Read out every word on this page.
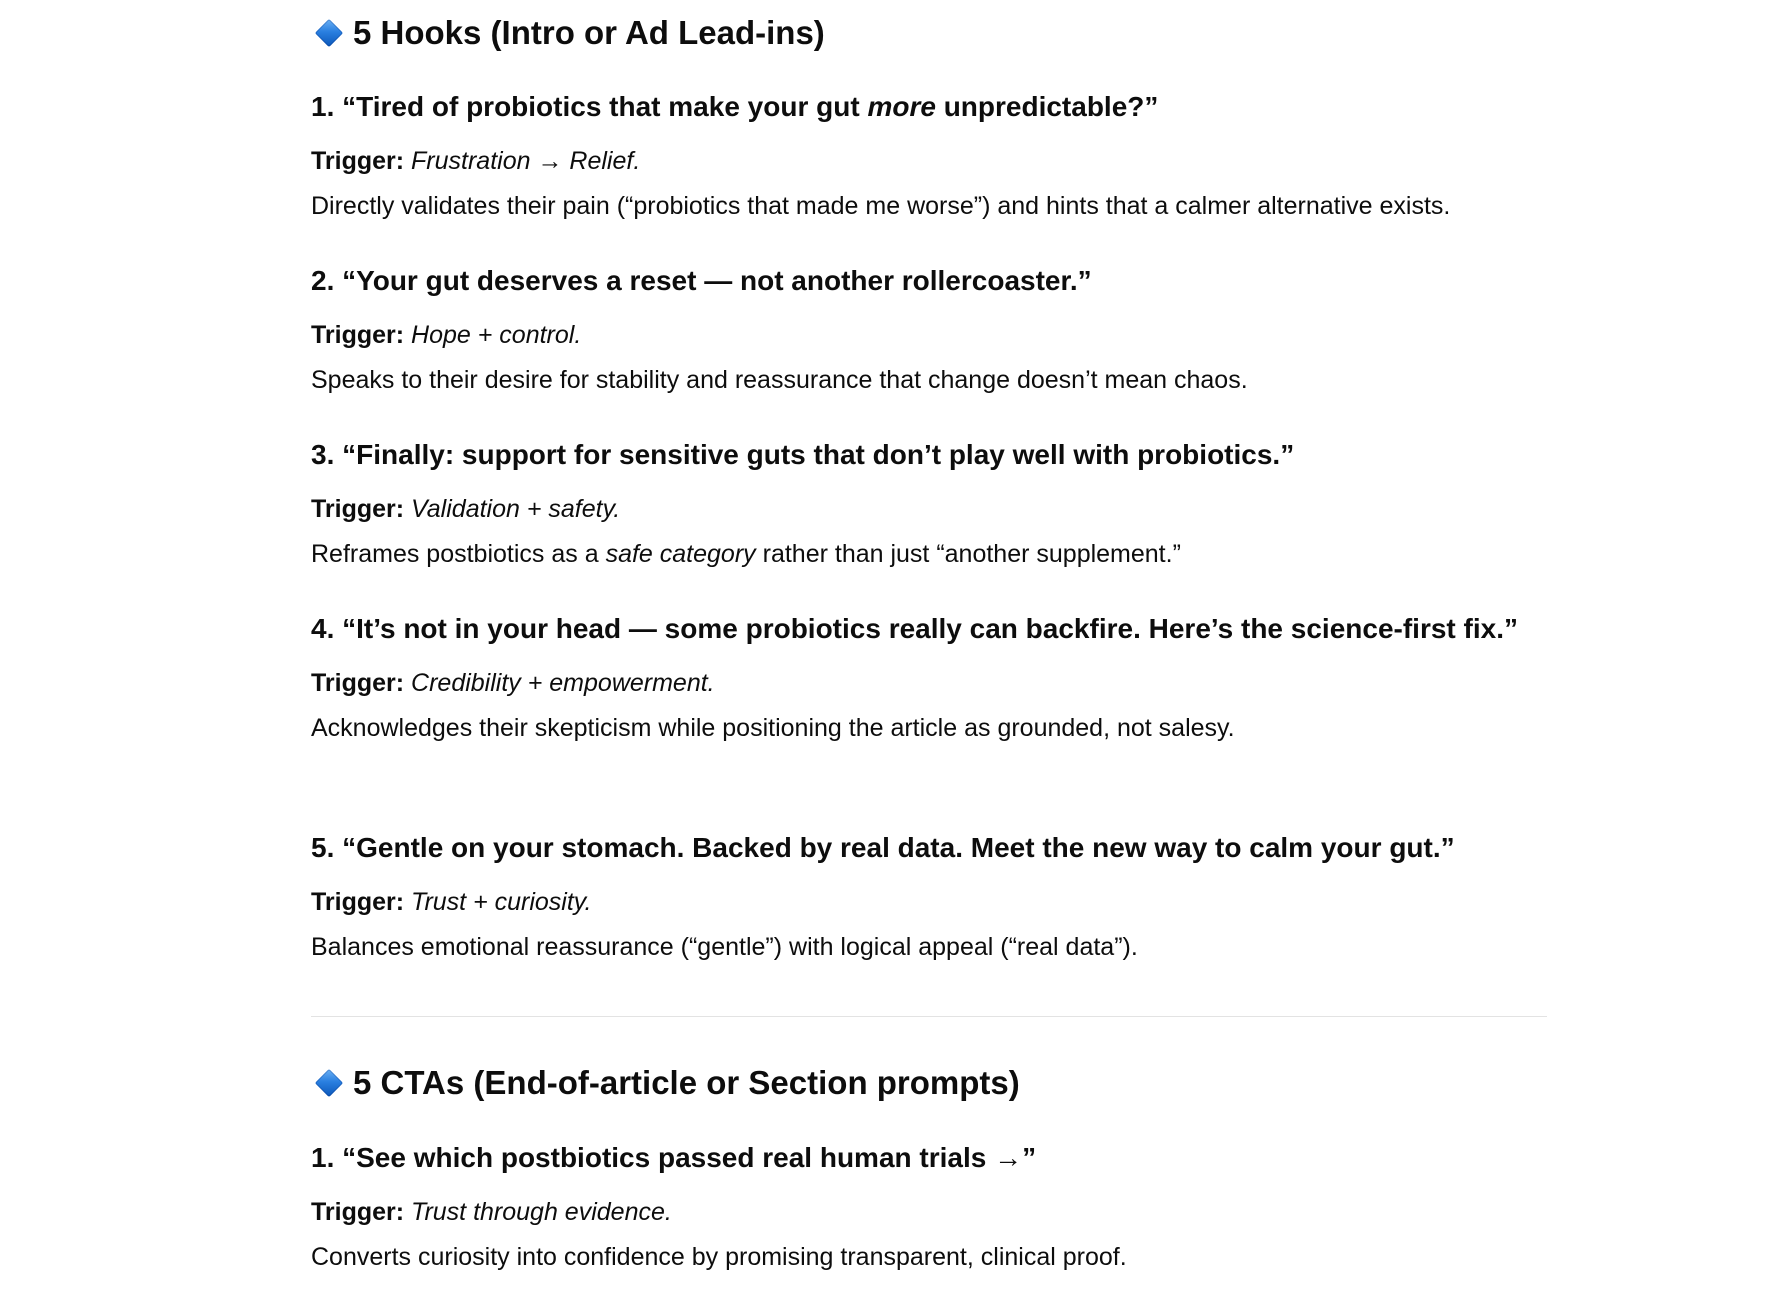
5 Hooks (Intro or Ad Lead-ins)
1. “Tired of probiotics that make your gut more unpredictable?”
Trigger: Frustration → Relief.
Directly validates their pain (“probiotics that made me worse”) and hints that a calmer alternative exists.
2. “Your gut deserves a reset — not another rollercoaster.”
Trigger: Hope + control.
Speaks to their desire for stability and reassurance that change doesn’t mean chaos.
3. “Finally: support for sensitive guts that don’t play well with probiotics.”
Trigger: Validation + safety.
Reframes postbiotics as a safe category rather than just “another supplement.”
4. “It’s not in your head — some probiotics really can backfire. Here’s the science-first fix.”
Trigger: Credibility + empowerment.
Acknowledges their skepticism while positioning the article as grounded, not salesy.
5. “Gentle on your stomach. Backed by real data. Meet the new way to calm your gut.”
Trigger: Trust + curiosity.
Balances emotional reassurance (“gentle”) with logical appeal (“real data”).
5 CTAs (End-of-article or Section prompts)
1. “See which postbiotics passed real human trials →”
Trigger: Trust through evidence.
Converts curiosity into confidence by promising transparent, clinical proof.
